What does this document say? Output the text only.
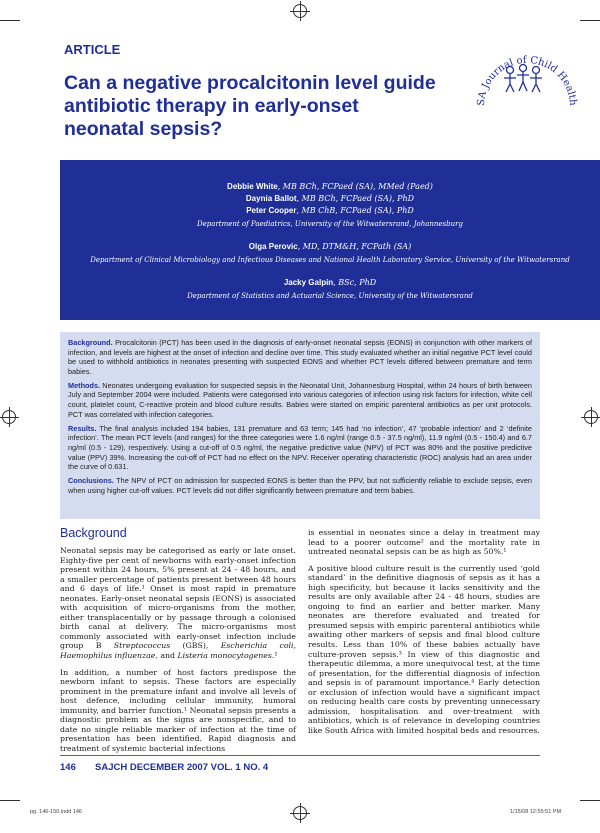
ARTICLE
Can a negative procalcitonin level guide
antibiotic therapy in early-onset
neonatal sepsis?
SA Journal of Child Health
Debbie White, MB BCh, FCPaed (SA), MMed (Paed)
Daynia Ballot, MB BCh, FCPaed (SA), PhD
Peter Cooper, MB ChB, FCPaed (SA), PhD
Department of Paediatrics, University of the Witwatersrand, Johannesburg
Olga Perovic, MD, DTM&H, FCPath (SA)
Department of Clinical Microbiology and Infectious Diseases and National Health Laboratory Service, University of the Witwatersrand
Jacky Galpin, BSc, PhD
Department of Statistics and Actuarial Science, University of the Witwatersrand

Background. Procalcitonin (PCT) has been used in the diagnosis of early-onset neonatal sepsis (EONS) in conjunction with other markers of infection, and levels are highest at the onset of infection and decline over time. This study evaluated whether an initial negative PCT level could be used to withhold antibiotics in neonates presenting with suspected EONS and whether PCT levels differed between premature and term babies.

Methods. Neonates undergoing evaluation for suspected sepsis in the Neonatal Unit, Johannesburg Hospital, within 24 hours of birth between July and September 2004 were included. Patients were categorised into various categories of infection using risk factors for infection, white cell count, platelet count, C-reactive protein and blood culture results. Babies were started on empiric parenteral antibiotics as per unit protocols. PCT was correlated with infection categories.

Results. The final analysis included 194 babies, 131 premature and 63 term; 145 had ‘no infection’, 47 ‘probable infection’ and 2 ‘definite infection’. The mean PCT levels (and ranges) for the three categories were 1.6 ng/ml (range 0.5 - 37.5 ng/ml), 11.9 ng/ml (0.5 - 150.4) and 6.7 ng/ml (0.5 - 129), respectively. Using a cut-off of 0.5 ng/ml, the negative predictive value (NPV) of PCT was 80% and the positive predictive value (PPV) 39%. Increasing the cut-off of PCT had no effect on the NPV. Receiver operating characteristic (ROC) analysis had an area under the curve of 0.631.

Conclusions. The NPV of PCT on admission for suspected EONS is better than the PPV, but not sufficiently reliable to exclude sepsis, even when using higher cut-off values. PCT levels did not differ significantly between premature and term babies.

Background

Neonatal sepsis may be categorised as early or late onset. Eighty-five per cent of newborns with early-onset infection present within 24 hours, 5% present at 24 - 48 hours, and a smaller percentage of patients present between 48 hours and 6 days of life.¹ Onset is most rapid in premature neonates. Early-onset neonatal sepsis (EONS) is associated with acquisition of micro-organisms from the mother, either transplacentally or by passage through a colonised birth canal at delivery. The micro-organisms most commonly associated with early-onset infection include group B Streptococcus (GBS), Escherichia coli, Haemophilus influenzae, and Listeria monocytogenes.¹

In addition, a number of host factors predispose the newborn infant to sepsis. These factors are especially prominent in the premature infant and involve all levels of host defence, including cellular immunity, humoral immunity, and barrier function.¹ Neonatal sepsis presents a diagnostic problem as the signs are nonspecific, and to date no single reliable marker of infection at the time of presentation has been identified. Rapid diagnosis and treatment of systemic bacterial infections

is essential in neonates since a delay in treatment may lead to a poorer outcome² and the mortality rate in untreated neonatal sepsis can be as high as 50%.¹

A positive blood culture result is the currently used ‘gold standard’ in the definitive diagnosis of sepsis as it has a high specificity, but because it lacks sensitivity and the results are only available after 24 - 48 hours, studies are ongoing to find an earlier and better marker. Many neonates are therefore evaluated and treated for presumed sepsis with empiric parenteral antibiotics while awaiting other markers of sepsis and final blood culture results. Less than 10% of these babies actually have culture-proven sepsis.³ In view of this diagnostic and therapeutic dilemma, a more unequivocal test, at the time of presentation, for the differential diagnosis of infection and sepsis is of paramount importance.⁴ Early detection or exclusion of infection would have a significant impact on reducing health care costs by preventing unnecessary admission, hospitalisation and over-treatment with antibiotics, which is of relevance in developing countries like South Africa with limited hospital beds and resources.

146 SAJCH DECEMBER 2007 VOL. 1 NO. 4
pg. 146-150.indd 146	1/15/08 12:55:51 PM
